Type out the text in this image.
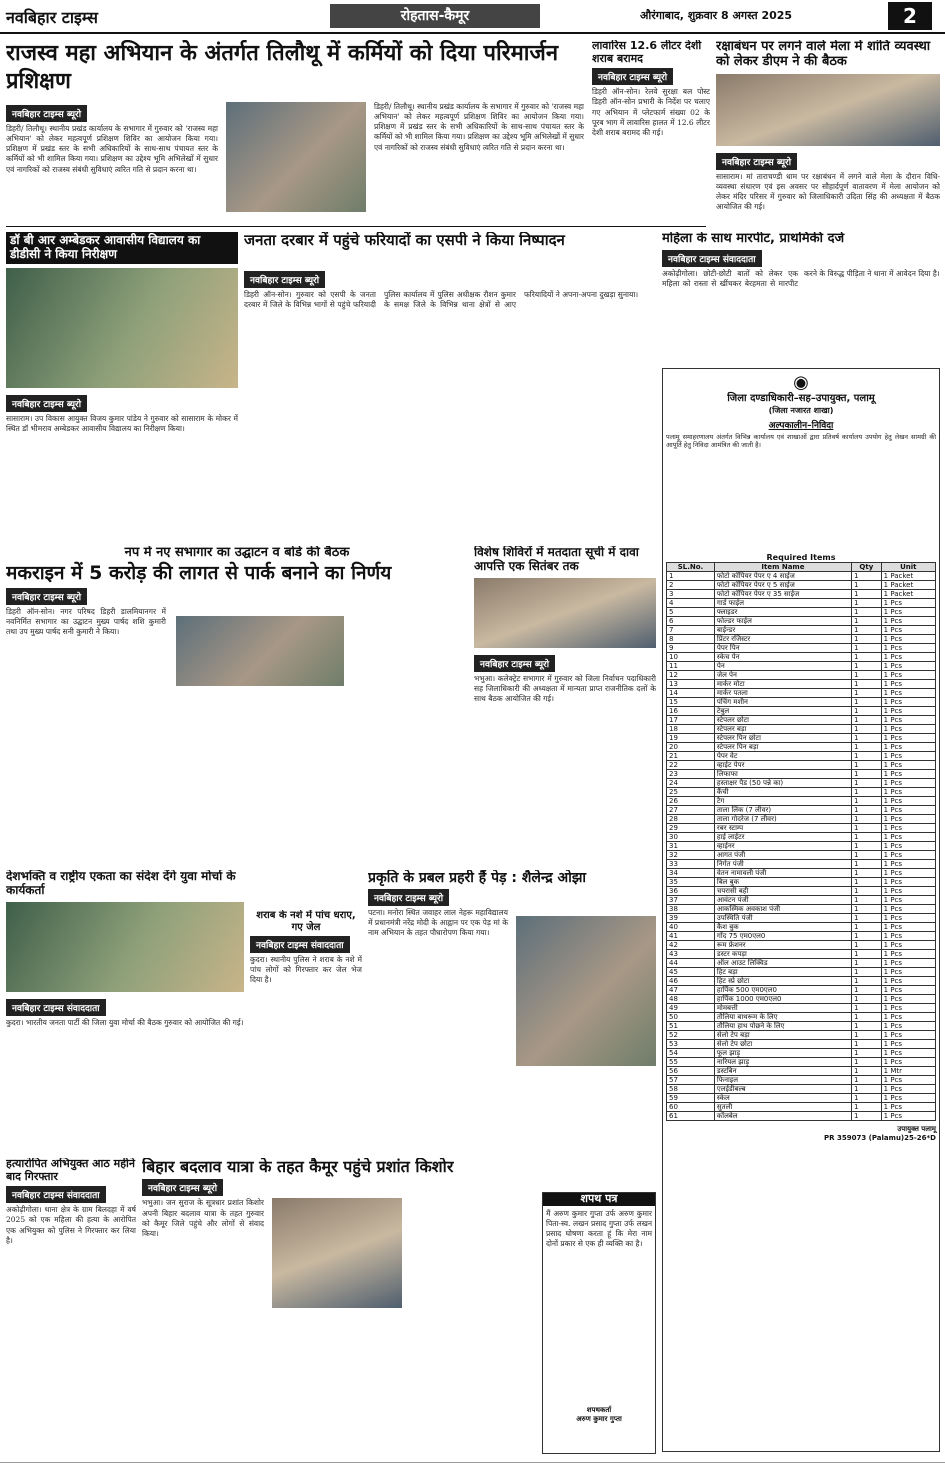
नवबिहार टाइम्स	रोहतास-कैमूर	औरंगाबाद, शुक्रवार 8 अगस्त 2025	2
राजस्व महा अभियान के अंतर्गत तिलौथू में कर्मियों को दिया परिमार्जन प्रशिक्षण
नवबिहार टाइम्स ब्यूरो
डिहरी/ तिलौथू। स्थानीय प्रखंड कार्यालय के सभागार में गुरुवार को 'राजस्व महा अभियान' को लेकर महत्वपूर्ण प्रशिक्षण शिविर का आयोजन किया गया। प्रशिक्षण में प्रखंड स्तर के सभी अधिकारियों के साथ-साथ पंचायत स्तर के कर्मियों को भी शामिल किया गया। प्रशिक्षण का उद्देश्य भूमि अभिलेखों में सुधार एवं नागरिकों को राजस्व संबंधी सुविधाएं त्वरित गति से प्रदान करना था।
डिहरी/ तिलौथू। स्थानीय प्रखंड कार्यालय के सभागार में गुरुवार को 'राजस्व महा अभियान' को लेकर महत्वपूर्ण प्रशिक्षण शिविर का आयोजन किया गया। प्रशिक्षण में प्रखंड स्तर के सभी अधिकारियों के साथ-साथ पंचायत स्तर के कर्मियों को भी शामिल किया गया। प्रशिक्षण का उद्देश्य भूमि अभिलेखों में सुधार एवं नागरिकों को राजस्व संबंधी सुविधाएं त्वरित गति से प्रदान करना था।
लावारिस 12.6 लीटर देशी शराब बरामद
नवबिहार टाइम्स ब्यूरो
डिहरी ऑन-सोन। रेलवे सुरक्षा बल पोस्ट डिहरी ऑन-सोन प्रभारी के निर्देश पर चलाए गए अभियान में प्लेटफार्म संख्या 02 के पूरब भाग में लावारिस हालत में 12.6 लीटर देशी शराब बरामद की गई।
रक्षाबंधन पर लगने वाले मेला में शांति व्यवस्था को लेकर डीएम ने की बैठक
नवबिहार टाइम्स ब्यूरो
सासाराम। मां ताराचण्डी धाम पर रक्षाबंधन में लगने वाले मेला के दौरान विधि-व्यवस्था संधारण एवं इस अवसर पर सौहार्दपूर्ण वातावरण में मेला आयोजन को लेकर मंदिर परिसर में गुरुवार को जिलाधिकारी उदिता सिंह की अध्यक्षता में बैठक आयोजित की गई।
डॉ बी आर अम्बेडकर आवासीय विद्यालय का डीडीसी ने किया निरीक्षण
नवबिहार टाइम्स ब्यूरो
सासाराम। उप विकास आयुक्त विजय कुमार पांडेय ने गुरुवार को सासाराम के मोकर में स्थित डॉ भीमराव अम्बेडकर आवासीय विद्यालय का निरीक्षण किया।
जनता दरबार में पहुंचे फरियादों का एसपी ने किया निष्पादन
नवबिहार टाइम्स ब्यूरो
डिहरी ऑन-सोन। गुरुवार को एसपी के जनता दरबार में जिले के विभिन्न भागों से पहुंचे फरियादी पुलिस कार्यालय में पुलिस अधीक्षक रौशन कुमार के समक्ष जिले के विभिन्न थाना क्षेत्रों से आए फरियादियों ने अपना-अपना दुखड़ा सुनाया।
महिला के साथ मारपीट, प्राथमिकी दर्ज
नवबिहार टाइम्स संवाददाता
अकोढ़ीगोला। छोटी-छोटी बातों को लेकर एक महिला को रास्ता से खींचकर बेरहमता से मारपीट करने के विरुद्ध पीड़िता ने थाना में आवेदन दिया है।
◉
जिला दण्डाधिकारी–सह–उपायुक्त, पलामू
(जिला नजारत शाखा)
अल्पकालीन–निविदा
पलामू समाहरणालय अंतर्गत विभिन्न कार्यालय एवं शाखाओं द्वारा प्रतिवर्ष कार्यालय उपयोग हेतु लेखन सामग्री की आपूर्ति हेतु निविदा आमंत्रित की जाती है।
Required Items
SL.No.	Item Name	Qty	Unit
1	फोटो कॉपियर पेपर ए 4 साईज	1	1 Packet
2	फोटो कॉपियर पेपर ए 5 साईज	1	1 Packet
3	फोटो कॉपियर पेपर ए 35 साईज	1	1 Packet
4	गार्ड फाईल	1	1 Pcs
5	फ्लाइडर	1	1 Pcs
6	फोल्डर फाईल	1	1 Pcs
7	बाईन्डर	1	1 Pcs
8	प्रिंटर रजिस्टर	1	1 Pcs
9	पेपर पिन	1	1 Pcs
10	स्केच पेन	1	1 Pcs
11	पेन	1	1 Pcs
12	जेल पेन	1	1 Pcs
13	मार्कर मोटा	1	1 Pcs
14	मार्कर पतला	1	1 Pcs
15	पंचिंग मशीन	1	1 Pcs
16	टेबुल	1	1 Pcs
17	स्टेपलर छोटा	1	1 Pcs
18	स्टेपलर बड़ा	1	1 Pcs
19	स्टेपलर पिन छोटा	1	1 Pcs
20	स्टेपलर पिन बड़ा	1	1 Pcs
21	पेपर वेट	1	1 Pcs
22	व्हाईट पेपर	1	1 Pcs
23	लिफाफा	1	1 Pcs
24	हस्ताक्षर पैड (50 पन्ने का)	1	1 Pcs
25	कैंची	1	1 Pcs
26	टैग	1	1 Pcs
27	ताला लिंक (7 लीवर)	1	1 Pcs
28	ताला गोदरेज (7 लीवर)	1	1 Pcs
29	रबर स्टाम्प	1	1 Pcs
30	हाई लाईटर	1	1 Pcs
31	व्हाईनर	1	1 Pcs
32	आगत पंजी	1	1 Pcs
33	निर्गत पंजी	1	1 Pcs
34	वेतन नामावली पंजी	1	1 Pcs
35	बिल बुक	1	1 Pcs
36	चपरासी बही	1	1 Pcs
37	आवंटन पंजी	1	1 Pcs
38	आकस्मिक अवकाश पंजी	1	1 Pcs
39	उपस्थिति पंजी	1	1 Pcs
40	कैश बुक	1	1 Pcs
41	गोंद 75 एम0एल0	1	1 Pcs
42	रूम फ्रेशनर	1	1 Pcs
43	डस्टर कपड़ा	1	1 Pcs
44	ऑल आउट लिक्विड	1	1 Pcs
45	हिट बड़ा	1	1 Pcs
46	हिट स्प्रे छोटा	1	1 Pcs
47	हार्पिक 500 एम0एल0	1	1 Pcs
48	हार्पिक 1000 एम0एल0	1	1 Pcs
49	मोमबत्ती	1	1 Pcs
50	तौलिया बाथरूम के लिए	1	1 Pcs
51	तौलिया हाथ पोछने के लिए	1	1 Pcs
52	सेलो टेप बड़ा	1	1 Pcs
53	सेलो टेप छोटा	1	1 Pcs
54	फूल झाड़ू	1	1 Pcs
55	नारियल झाड़ू	1	1 Pcs
56	डस्टबिन	1	1 Mtr
57	फिनाइल	1	1 Pcs
58	एलईडीबल्ब	1	1 Pcs
59	स्केल	1	1 Pcs
60	सुतली	1	1 Pcs
61	कॉलबेल	1	1 Pcs
उपायुक्त पलामू
PR 359073 (Palamu)25-26*D
नप में नए सभागार का उद्घाटन व बोर्ड की बैठक
मकराइन में 5 करोड़ की लागत से पार्क बनाने का निर्णय
नवबिहार टाइम्स ब्यूरो
डिहरी ऑन-सोन। नगर परिषद डिहरी डालमियानगर में नवनिर्मित सभागार का उद्घाटन मुख्य पार्षद शशि कुमारी तथा उप मुख्य पार्षद सनी कुमारी ने किया।
विशेष शिविरों में मतदाता सूची में दावा आपत्ति एक सितंबर तक
नवबिहार टाइम्स ब्यूरो
भभुआ। कलेक्ट्रेट सभागार में गुरुवार को जिला निर्वाचन पदाधिकारी सह जिलाधिकारी की अध्यक्षता में मान्यता प्राप्त राजनीतिक दलों के साथ बैठक आयोजित की गई।
देशभक्ति व राष्ट्रीय एकता का संदेश देंगे युवा मोर्चा के कार्यकर्ता
नवबिहार टाइम्स संवाददाता
कुदरा। भारतीय जनता पार्टी की जिला युवा मोर्चा की बैठक गुरुवार को आयोजित की गई।
शराब के नशे में पांच धराए, गए जेल
नवबिहार टाइम्स संवाददाता
कुदरा। स्थानीय पुलिस ने शराब के नशे में पांच लोगों को गिरफ्तार कर जेल भेज दिया है।
प्रकृति के प्रबल प्रहरी हैं पेड़ : शैलेन्द्र ओझा
नवबिहार टाइम्स ब्यूरो
पटना। मनोरा स्थित जवाहर लाल नेहरू महाविद्यालय में प्रधानमंत्री नरेंद्र मोदी के आह्वान पर एक पेड़ मां के नाम अभियान के तहत पौधारोपण किया गया।
हत्यारोपित अभियुक्त आठ महीने बाद गिरफ्तार
नवबिहार टाइम्स संवाददाता
अकोढ़ीगोला। थाना क्षेत्र के ग्राम बिलदहा में वर्ष 2025 को एक महिला की हत्या के आरोपित एक अभियुक्त को पुलिस ने गिरफ्तार कर लिया है।
बिहार बदलाव यात्रा के तहत कैमूर पहुंचे प्रशांत किशोर
नवबिहार टाइम्स ब्यूरो
भभुआ। जन सुराज के सूत्रधार प्रशांत किशोर अपनी बिहार बदलाव यात्रा के तहत गुरुवार को कैमूर जिले पहुंचे और लोगों से संवाद किया।
शपथ पत्र
मैं अरुण कुमार गुप्ता उर्फ अरुण कुमार पिता-स्व. लखन प्रसाद गुप्ता उर्फ लखन प्रसाद घोषणा करता हूं कि मेरा नाम दोनों प्रकार से एक ही व्यक्ति का है।
शपथकर्ता
अरुण कुमार गुप्ता
